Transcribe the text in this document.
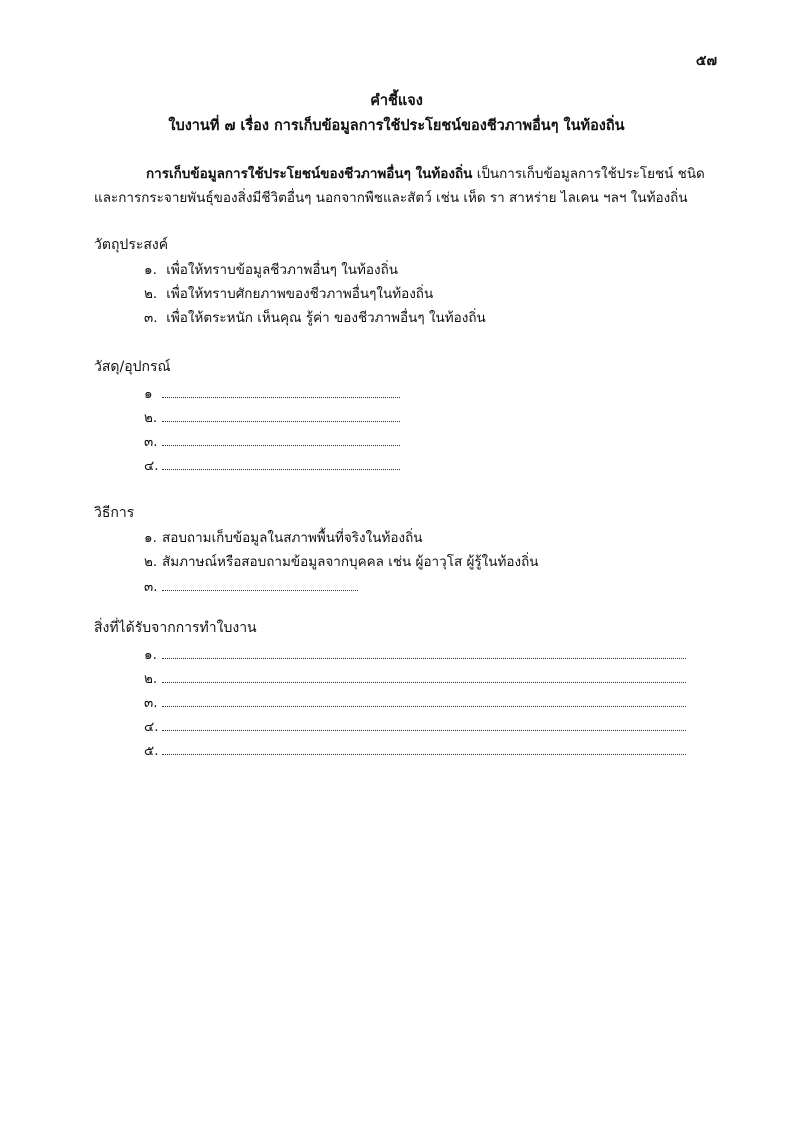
๕๗
คำชี้แจง
ใบงานที่ ๗ เรื่อง การเก็บข้อมูลการใช้ประโยชน์ของชีวภาพอื่นๆ ในท้องถิ่น
การเก็บข้อมูลการใช้ประโยชน์ของชีวภาพอื่นๆ ในท้องถิ่น เป็นการเก็บข้อมูลการใช้ประโยชน์ ชนิด
และการกระจายพันธุ์ของสิ่งมีชีวิตอื่นๆ นอกจากพืชและสัตว์ เช่น เห็ด รา สาหร่าย ไลเคน ฯลฯ ในท้องถิ่น
วัตถุประสงค์
๑. เพื่อให้ทราบข้อมูลชีวภาพอื่นๆ ในท้องถิ่น
๒. เพื่อให้ทราบศักยภาพของชีวภาพอื่นๆในท้องถิ่น
๓. เพื่อให้ตระหนัก เห็นคุณ รู้ค่า ของชีวภาพอื่นๆ ในท้องถิ่น
วัสดุ/อุปกรณ์
๑
๒.
๓.
๔.
วิธีการ
๑. สอบถามเก็บข้อมูลในสภาพพื้นที่จริงในท้องถิ่น
๒. สัมภาษณ์หรือสอบถามข้อมูลจากบุคคล เช่น ผู้อาวุโส ผู้รู้ในท้องถิ่น
๓.
สิ่งที่ได้รับจากการทำใบงาน
๑.
๒.
๓.
๔.
๕.
